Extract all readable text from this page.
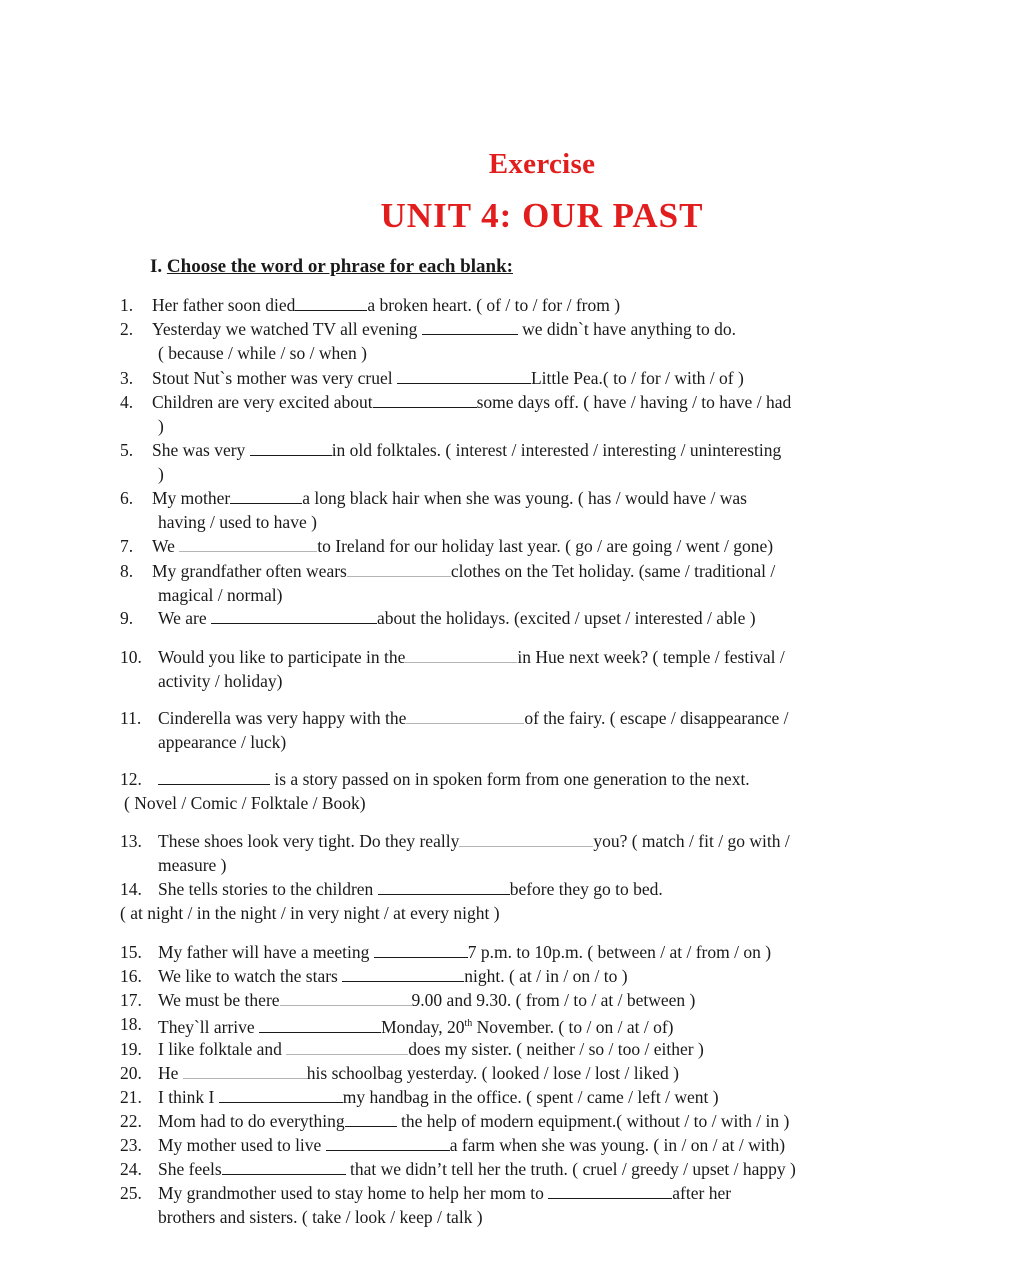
Exercise
UNIT 4: OUR PAST
I. Choose the word or phrase for each blank:
1.	Her father soon died	a broken heart. ( of / to / for / from )
2.	Yesterday we watched TV all evening	we didn`t have anything to do.
( because / while / so / when )
3.	Stout Nut`s mother was very cruel	Little Pea.( to / for / with / of )
4.	Children are very excited about	some days off. ( have / having / to have / had
)
5.	She was very	in old folktales. ( interest / interested / interesting / uninteresting
)
6.	My mother	a long black hair when she was young. ( has / would have / was
having / used to have )
7.	We	to Ireland for our holiday last year. ( go / are going / went / gone)
8.	My grandfather often wears	clothes on the Tet holiday. (same / traditional /
magical / normal)
9.	We are	about the holidays. (excited / upset / interested / able )
10. Would you like to participate in the	in Hue next week? ( temple / festival /
activity / holiday)
11. Cinderella was very happy with the	of the fairy. ( escape / disappearance /
appearance / luck)
12.	is a story passed on in spoken form from one generation to the next.
( Novel / Comic / Folktale / Book)
13. These shoes look very tight. Do they really	you? ( match / fit / go with /
measure )
14. She tells stories to the children	before they go to bed.
( at night / in the night / in very night / at every night )
15. My father will have a meeting	7 p.m. to 10p.m. ( between / at / from / on )
16. We like to watch the stars	night. ( at / in / on / to )
17. We must be there	9.00 and 9.30. ( from / to / at / between )
18. They`ll arrive	Monday, 20th November. ( to / on / at / of)
19. I like folktale and	does my sister. ( neither / so / too / either )
20. He	his schoolbag yesterday. ( looked / lose / lost / liked )
21. I think I	my handbag in the office. ( spent / came / left / went )
22. Mom had to do everything	the help of modern equipment.( without / to / with / in )
23. My mother used to live	a farm when she was young. ( in / on / at / with)
24. She feels	that we didn’t tell her the truth. ( cruel / greedy / upset / happy )
25. My grandmother used to stay home to help her mom to	after her
brothers and sisters. ( take / look / keep / talk )
